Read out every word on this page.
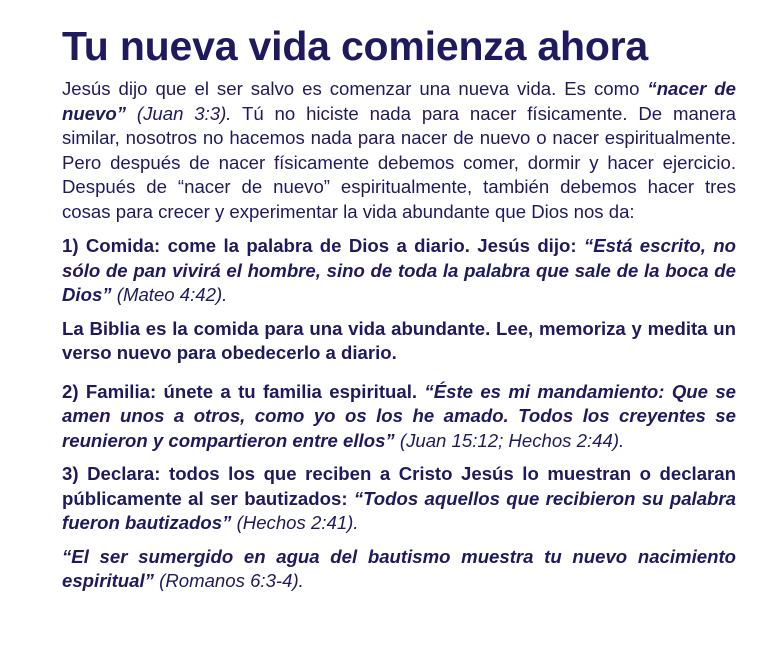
Tu nueva vida comienza ahora

Jesús dijo que el ser salvo es comenzar una nueva vida. Es como “nacer de nuevo” (Juan 3:3). Tú no hiciste nada para nacer físicamente. De manera similar, nosotros no hacemos nada para nacer de nuevo o nacer espiritualmente. Pero después de nacer físicamente debemos comer, dormir y hacer ejercicio. Después de “nacer de nuevo” espiritualmente, también debemos hacer tres cosas para crecer y experimentar la vida abundante que Dios nos da:

1) Comida: come la palabra de Dios a diario. Jesús dijo: “Está escrito, no sólo de pan vivirá el hombre, sino de toda la palabra que sale de la boca de Dios” (Mateo 4:42).

La Biblia es la comida para una vida abundante. Lee, memoriza y medita un verso nuevo para obedecerlo a diario.

2) Familia: únete a tu familia espiritual. “Éste es mi mandamiento: Que se amen unos a otros, como yo os los he amado. Todos los creyentes se reunieron y compartieron entre ellos” (Juan 15:12; Hechos 2:44).

3) Declara: todos los que reciben a Cristo Jesús lo muestran o declaran públicamente al ser bautizados: “Todos aquellos que recibieron su palabra fueron bautizados” (Hechos 2:41).

“El ser sumergido en agua del bautismo muestra tu nuevo nacimiento espiritual” (Romanos 6:3-4).
